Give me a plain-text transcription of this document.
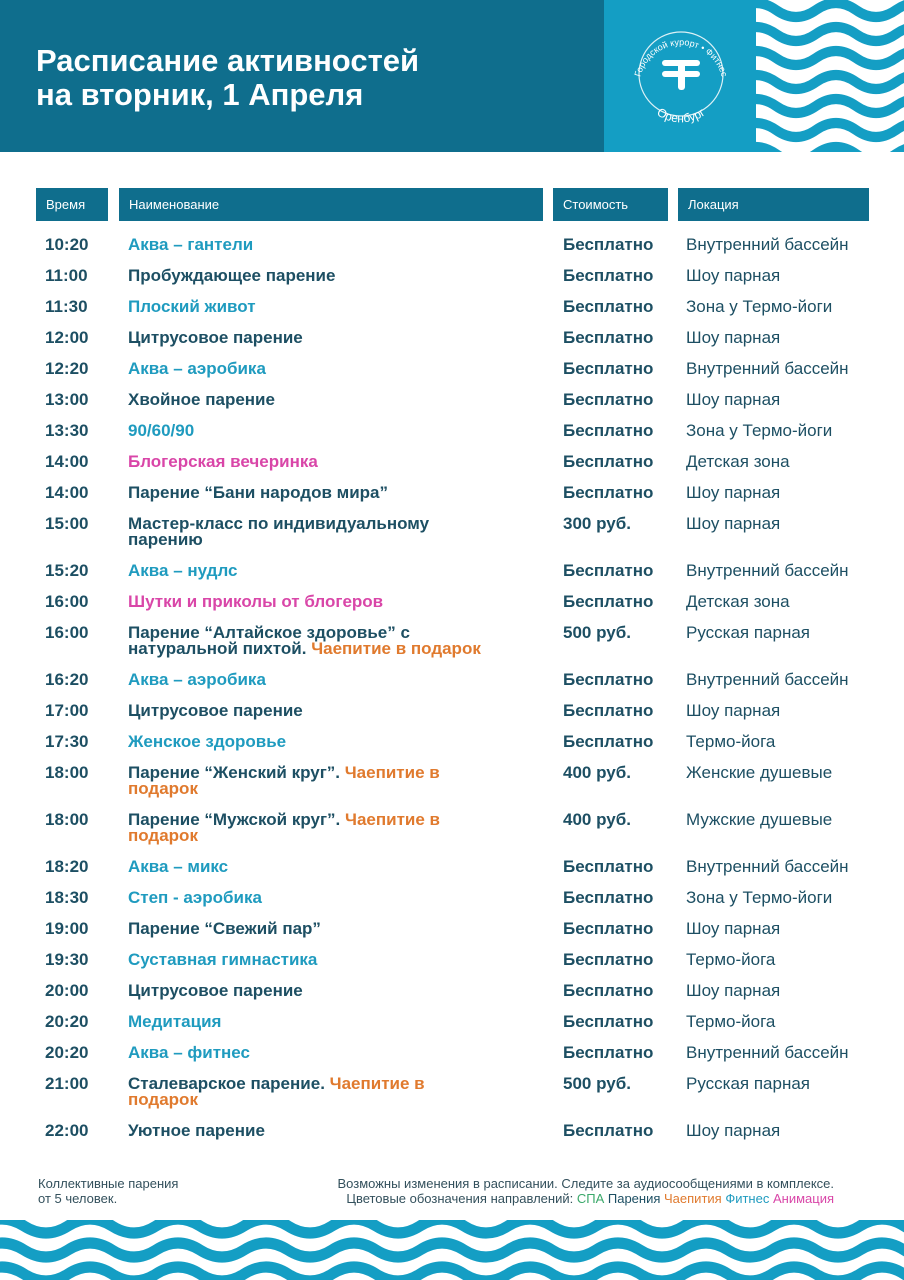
Расписание активностей
на вторник, 1 Апреля
Городской курорт • Фитнес
Оренбург
Время	Наименование	Стоимость	Локация
10:20 Аква – гантели	Бесплатно Внутренний бассейн
11:00 Пробуждающее парение	Бесплатно Шоу парная
11:30 Плоский живот	Бесплатно Зона у Термо-йоги
12:00 Цитрусовое парение	Бесплатно Шоу парная
12:20 Аква – аэробика	Бесплатно Внутренний бассейн
13:00 Хвойное парение	Бесплатно Шоу парная
13:30 90/60/90	Бесплатно Зона у Термо-йоги
14:00 Блогерская вечеринка	Бесплатно Детская зона
14:00 Парение “Бани народов мира”	Бесплатно Шоу парная
15:00 Мастер-класс по индивидуальному
парению
300 руб.	Шоу парная
15:20 Аква – нудлс	Бесплатно Внутренний бассейн
16:00 Шутки и приколы от блогеров	Бесплатно Детская зона
16:00 Парение “Алтайское здоровье” с
натуральной пихтой. Чаепитие в подарок
500 руб.	Русская парная
16:20 Аква – аэробика	Бесплатно Внутренний бассейн
17:00 Цитрусовое парение	Бесплатно Шоу парная
17:30 Женское здоровье	Бесплатно Термо-йога
18:00 Парение “Женский круг”. Чаепитие в
подарок
400 руб.	Женские душевые
18:00 Парение “Мужской круг”. Чаепитие в
подарок
400 руб.	Мужские душевые
18:20 Аква – микс	Бесплатно Внутренний бассейн
18:30 Степ - аэробика	Бесплатно Зона у Термо-йоги
19:00 Парение “Свежий пар”	Бесплатно Шоу парная
19:30 Суставная гимнастика	Бесплатно Термо-йога
20:00 Цитрусовое парение	Бесплатно Шоу парная
20:20 Медитация	Бесплатно Термо-йога
20:20 Аква – фитнес	Бесплатно Внутренний бассейн
21:00 Сталеварское парение. Чаепитие в
подарок
500 руб.	Русская парная
22:00 Уютное парение	Бесплатно Шоу парная
Коллективные парения
от 5 человек.
Возможны изменения в расписании. Следите за аудиосообщениями в комплексе.
Цветовые обозначения направлений: СПА Парения Чаепития Фитнес Анимация
